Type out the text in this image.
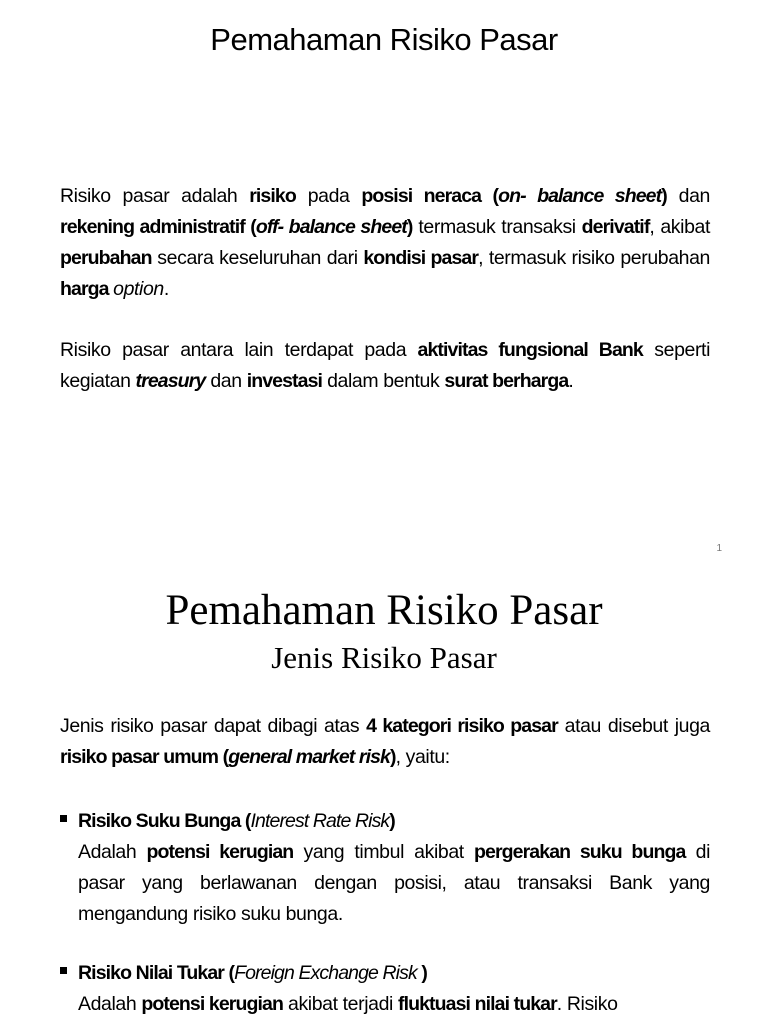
Pemahaman Risiko Pasar
Risiko pasar adalah risiko pada posisi neraca (on- balance sheet) dan rekening administratif (off- balance sheet) termasuk transaksi derivatif, akibat perubahan secara keseluruhan dari kondisi pasar, termasuk risiko perubahan harga option.
Risiko pasar antara lain terdapat pada aktivitas fungsional Bank seperti kegiatan treasury dan investasi dalam bentuk surat berharga.
1
Pemahaman Risiko Pasar
Jenis Risiko Pasar
Jenis risiko pasar dapat dibagi atas 4 kategori risiko pasar atau disebut juga risiko pasar umum (general market risk), yaitu:
Risiko Suku Bunga (Interest Rate Risk)
Adalah potensi kerugian yang timbul akibat pergerakan suku bunga di pasar yang berlawanan dengan posisi, atau transaksi Bank yang mengandung risiko suku bunga.
Risiko Nilai Tukar (Foreign Exchange Risk )
Adalah potensi kerugian akibat terjadi fluktuasi nilai tukar. Risiko
